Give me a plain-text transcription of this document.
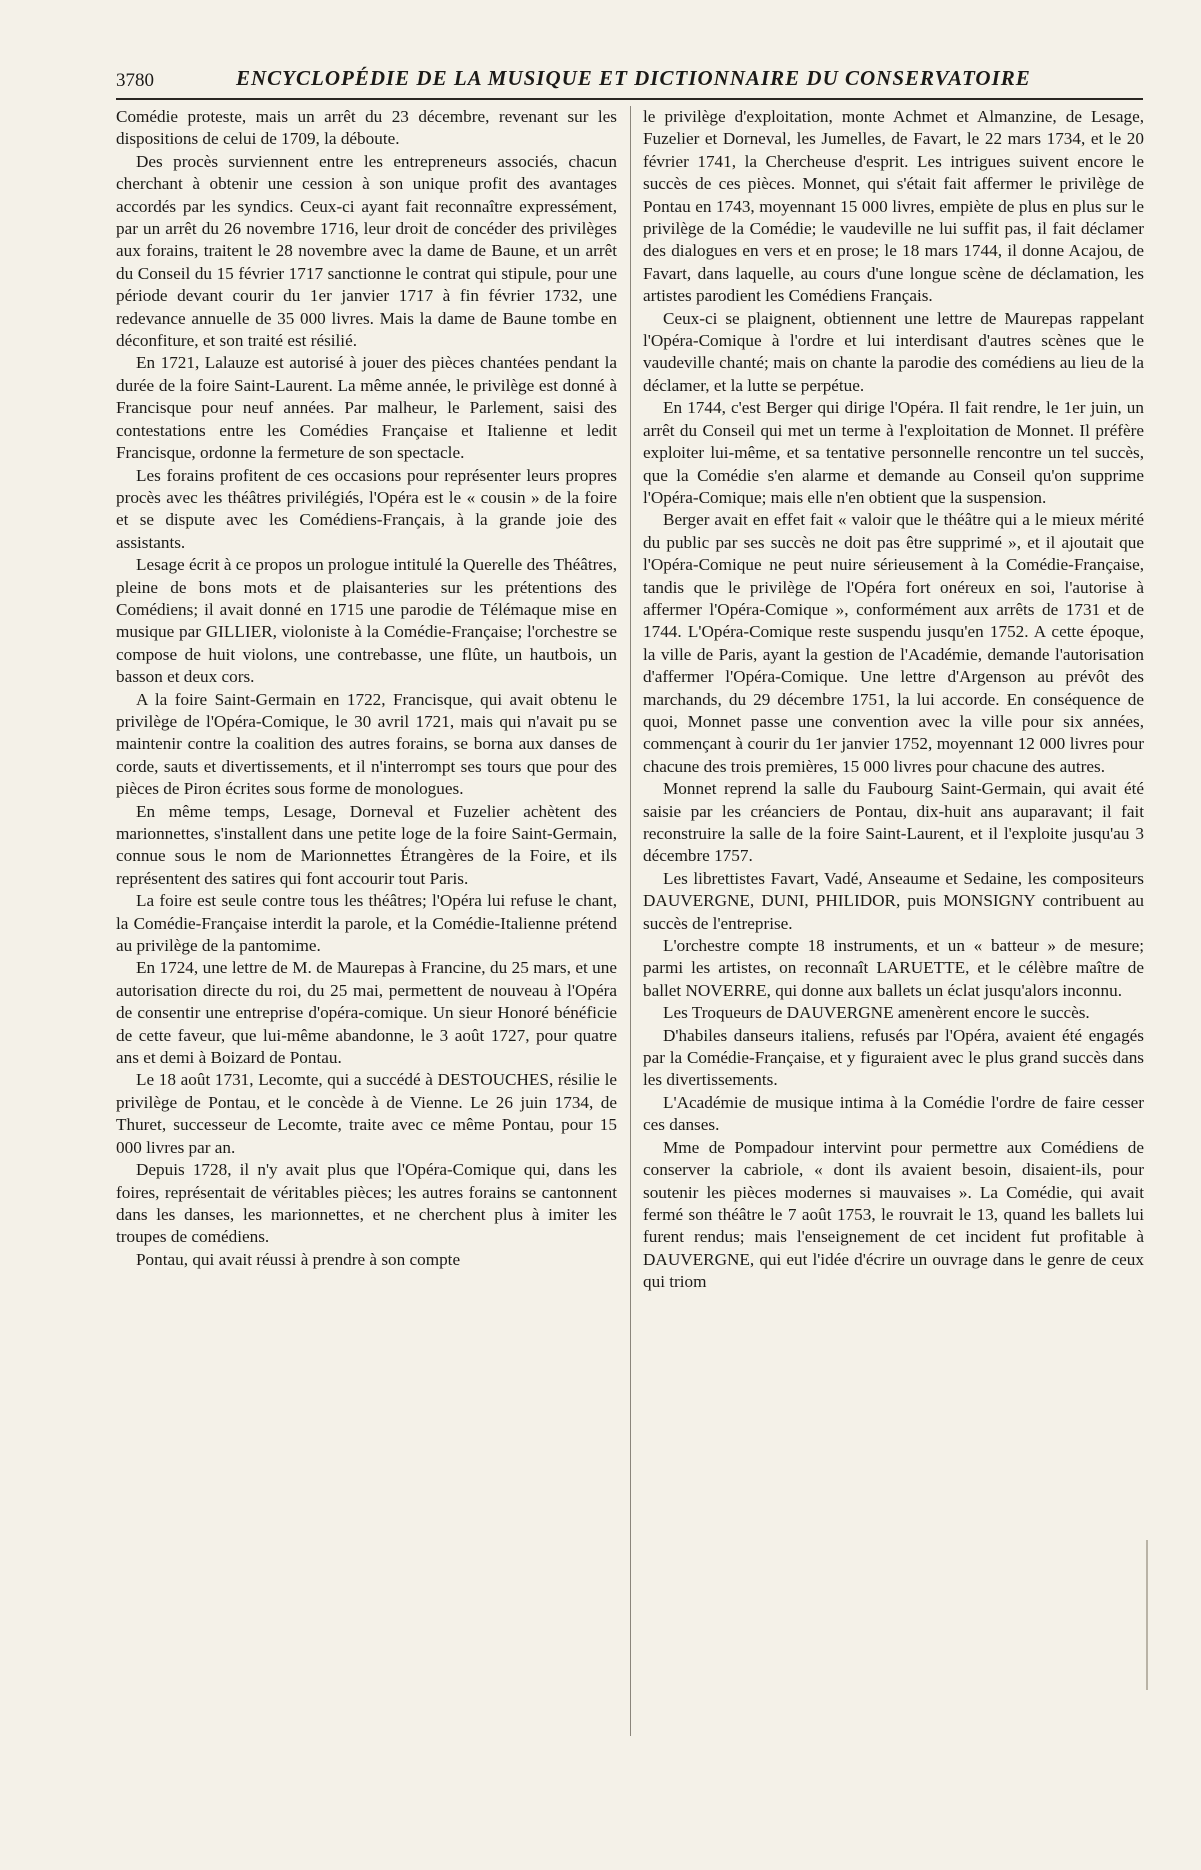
3780	ENCYCLOPÉDIE DE LA MUSIQUE ET DICTIONNAIRE DU CONSERVATOIRE

Comédie proteste, mais un arrêt du 23 décembre, revenant sur les dispositions de celui de 1709, la déboute.

Des procès surviennent entre les entrepreneurs associés, chacun cherchant à obtenir une cession à son unique profit des avantages accordés par les syndics. Ceux-ci ayant fait reconnaître expressément, par un arrêt du 26 novembre 1716, leur droit de concéder des privilèges aux forains, traitent le 28 novembre avec la dame de Baune, et un arrêt du Conseil du 15 février 1717 sanctionne le contrat qui stipule, pour une période devant courir du 1er janvier 1717 à fin février 1732, une redevance annuelle de 35 000 livres. Mais la dame de Baune tombe en déconfiture, et son traité est résilié.

En 1721, Lalauze est autorisé à jouer des pièces chantées pendant la durée de la foire Saint-Laurent. La même année, le privilège est donné à Francisque pour neuf années. Par malheur, le Parlement, saisi des contestations entre les Comédies Française et Italienne et ledit Francisque, ordonne la fermeture de son spectacle.

Les forains profitent de ces occasions pour représenter leurs propres procès avec les théâtres privilégiés, l'Opéra est le « cousin » de la foire et se dispute avec les Comédiens-Français, à la grande joie des assistants.

Lesage écrit à ce propos un prologue intitulé la Querelle des Théâtres, pleine de bons mots et de plaisanteries sur les prétentions des Comédiens; il avait donné en 1715 une parodie de Télémaque mise en musique par GILLIER, violoniste à la Comédie-Française; l'orchestre se compose de huit violons, une contrebasse, une flûte, un hautbois, un basson et deux cors.

A la foire Saint-Germain en 1722, Francisque, qui avait obtenu le privilège de l'Opéra-Comique, le 30 avril 1721, mais qui n'avait pu se maintenir contre la coalition des autres forains, se borna aux danses de corde, sauts et divertissements, et il n'interrompt ses tours que pour des pièces de Piron écrites sous forme de monologues.

En même temps, Lesage, Dorneval et Fuzelier achètent des marionnettes, s'installent dans une petite loge de la foire Saint-Germain, connue sous le nom de Marionnettes Étrangères de la Foire, et ils représentent des satires qui font accourir tout Paris.

La foire est seule contre tous les théâtres; l'Opéra lui refuse le chant, la Comédie-Française interdit la parole, et la Comédie-Italienne prétend au privilège de la pantomime.

En 1724, une lettre de M. de Maurepas à Francine, du 25 mars, et une autorisation directe du roi, du 25 mai, permettent de nouveau à l'Opéra de consentir une entreprise d'opéra-comique. Un sieur Honoré bénéficie de cette faveur, que lui-même abandonne, le 3 août 1727, pour quatre ans et demi à Boizard de Pontau.

Le 18 août 1731, Lecomte, qui a succédé à DESTOUCHES, résilie le privilège de Pontau, et le concède à de Vienne. Le 26 juin 1734, de Thuret, successeur de Lecomte, traite avec ce même Pontau, pour 15 000 livres par an.

Depuis 1728, il n'y avait plus que l'Opéra-Comique qui, dans les foires, représentait de véritables pièces; les autres forains se cantonnent dans les danses, les marionnettes, et ne cherchent plus à imiter les troupes de comédiens.

Pontau, qui avait réussi à prendre à son compte

le privilège d'exploitation, monte Achmet et Almanzine, de Lesage, Fuzelier et Dorneval, les Jumelles, de Favart, le 22 mars 1734, et le 20 février 1741, la Chercheuse d'esprit. Les intrigues suivent encore le succès de ces pièces. Monnet, qui s'était fait affermer le privilège de Pontau en 1743, moyennant 15 000 livres, empiète de plus en plus sur le privilège de la Comédie; le vaudeville ne lui suffit pas, il fait déclamer des dialogues en vers et en prose; le 18 mars 1744, il donne Acajou, de Favart, dans laquelle, au cours d'une longue scène de déclamation, les artistes parodient les Comédiens Français.

Ceux-ci se plaignent, obtiennent une lettre de Maurepas rappelant l'Opéra-Comique à l'ordre et lui interdisant d'autres scènes que le vaudeville chanté; mais on chante la parodie des comédiens au lieu de la déclamer, et la lutte se perpétue.

En 1744, c'est Berger qui dirige l'Opéra. Il fait rendre, le 1er juin, un arrêt du Conseil qui met un terme à l'exploitation de Monnet. Il préfère exploiter lui-même, et sa tentative personnelle rencontre un tel succès, que la Comédie s'en alarme et demande au Conseil qu'on supprime l'Opéra-Comique; mais elle n'en obtient que la suspension.

Berger avait en effet fait « valoir que le théâtre qui a le mieux mérité du public par ses succès ne doit pas être supprimé », et il ajoutait que l'Opéra-Comique ne peut nuire sérieusement à la Comédie-Française, tandis que le privilège de l'Opéra fort onéreux en soi, l'autorise à affermer l'Opéra-Comique », conformément aux arrêts de 1731 et de 1744. L'Opéra-Comique reste suspendu jusqu'en 1752. A cette époque, la ville de Paris, ayant la gestion de l'Académie, demande l'autorisation d'affermer l'Opéra-Comique. Une lettre d'Argenson au prévôt des marchands, du 29 décembre 1751, la lui accorde. En conséquence de quoi, Monnet passe une convention avec la ville pour six années, commençant à courir du 1er janvier 1752, moyennant 12 000 livres pour chacune des trois premières, 15 000 livres pour chacune des autres.

Monnet reprend la salle du Faubourg Saint-Germain, qui avait été saisie par les créanciers de Pontau, dix-huit ans auparavant; il fait reconstruire la salle de la foire Saint-Laurent, et il l'exploite jusqu'au 3 décembre 1757.

Les librettistes Favart, Vadé, Anseaume et Sedaine, les compositeurs DAUVERGNE, DUNI, PHILIDOR, puis MONSIGNY contribuent au succès de l'entreprise.

L'orchestre compte 18 instruments, et un « batteur » de mesure; parmi les artistes, on reconnaît LARUETTE, et le célèbre maître de ballet NOVERRE, qui donne aux ballets un éclat jusqu'alors inconnu.

Les Troqueurs de DAUVERGNE amenèrent encore le succès.

D'habiles danseurs italiens, refusés par l'Opéra, avaient été engagés par la Comédie-Française, et y figuraient avec le plus grand succès dans les divertissements.

L'Académie de musique intima à la Comédie l'ordre de faire cesser ces danses.

Mme de Pompadour intervint pour permettre aux Comédiens de conserver la cabriole, « dont ils avaient besoin, disaient-ils, pour soutenir les pièces modernes si mauvaises ». La Comédie, qui avait fermé son théâtre le 7 août 1753, le rouvrait le 13, quand les ballets lui furent rendus; mais l'enseignement de cet incident fut profitable à DAUVERGNE, qui eut l'idée d'écrire un ouvrage dans le genre de ceux qui triom
